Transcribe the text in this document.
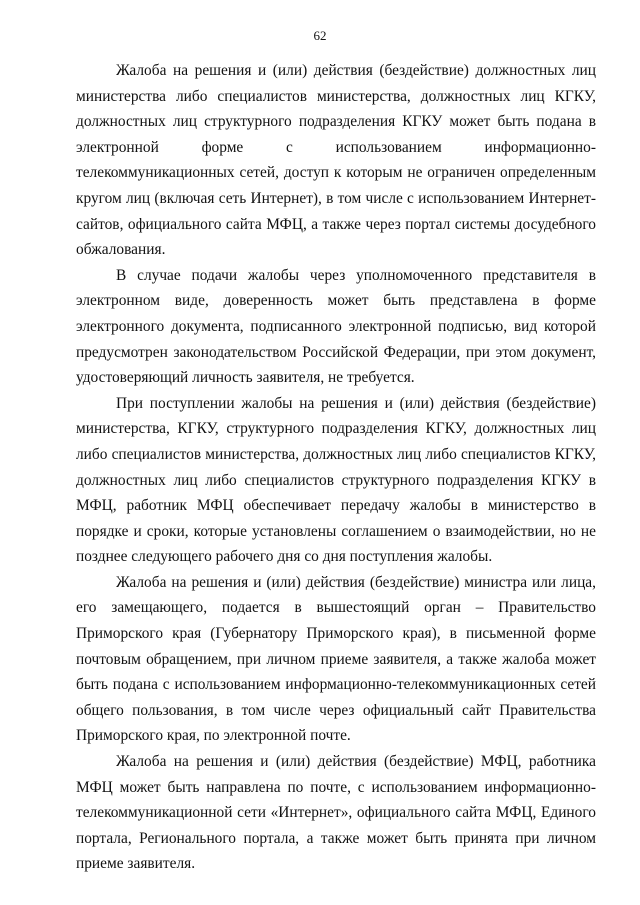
62

Жалоба на решения и (или) действия (бездействие) должностных лиц министерства либо специалистов министерства, должностных лиц КГКУ, должностных лиц структурного подразделения КГКУ может быть подана в электронной форме с использованием информационно-телекоммуникационных сетей, доступ к которым не ограничен определенным кругом лиц (включая сеть Интернет), в том числе с использованием Интернет-сайтов, официального сайта МФЦ, а также через портал системы досудебного обжалования.

В случае подачи жалобы через уполномоченного представителя в электронном виде, доверенность может быть представлена в форме электронного документа, подписанного электронной подписью, вид которой предусмотрен законодательством Российской Федерации, при этом документ, удостоверяющий личность заявителя, не требуется.

При поступлении жалобы на решения и (или) действия (бездействие) министерства, КГКУ, структурного подразделения КГКУ, должностных лиц либо специалистов министерства, должностных лиц либо специалистов КГКУ, должностных лиц либо специалистов структурного подразделения КГКУ в МФЦ, работник МФЦ обеспечивает передачу жалобы в министерство в порядке и сроки, которые установлены соглашением о взаимодействии, но не позднее следующего рабочего дня со дня поступления жалобы.

Жалоба на решения и (или) действия (бездействие) министра или лица, его замещающего, подается в вышестоящий орган – Правительство Приморского края (Губернатору Приморского края), в письменной форме почтовым обращением, при личном приеме заявителя, а также жалоба может быть подана с использованием информационно-телекоммуникационных сетей общего пользования, в том числе через официальный сайт Правительства Приморского края, по электронной почте.

Жалоба на решения и (или) действия (бездействие) МФЦ, работника МФЦ может быть направлена по почте, с использованием информационно-телекоммуникационной сети «Интернет», официального сайта МФЦ, Единого портала, Регионального портала, а также может быть принята при личном приеме заявителя.
